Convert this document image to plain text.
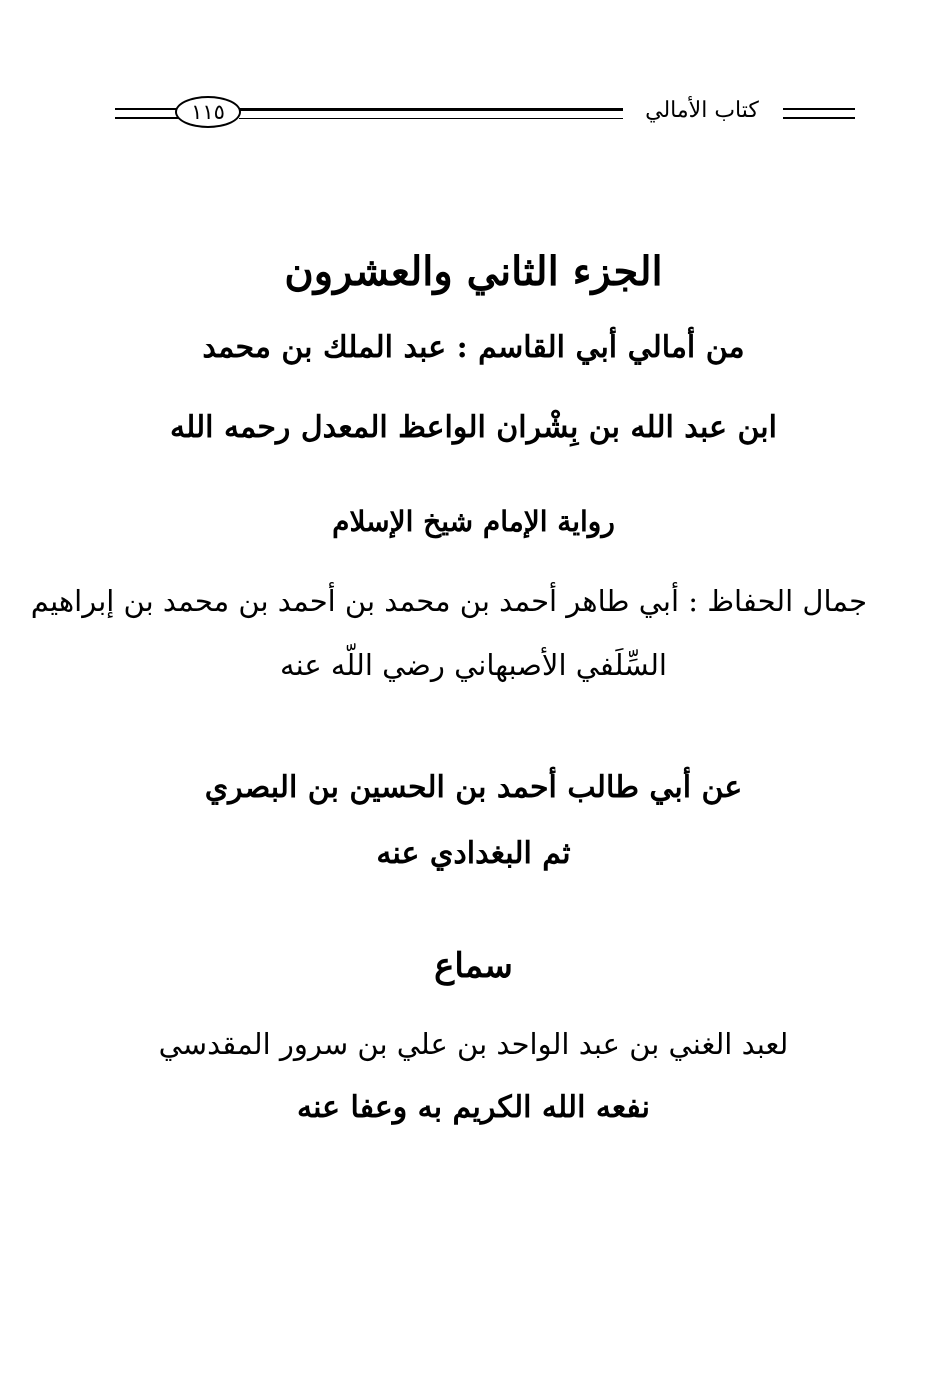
١١٥	كتاب الأمالي
الجزء الثاني والعشرون
من أمالي أبي القاسم : عبد الملك بن محمد
ابن عبد الله بن بِشْران الواعظ المعدل رحمه الله
رواية الإمام شيخ الإسلام
جمال الحفاظ : أبي طاهر أحمد بن محمد بن أحمد بن محمد بن إبراهيم
السِّلَفي الأصبهاني رضي اللّه عنه
عن أبي طالب أحمد بن الحسين بن البصري
ثم البغدادي عنه
سماع
لعبد الغني بن عبد الواحد بن علي بن سرور المقدسي
نفعه الله الكريم به وعفا عنه
